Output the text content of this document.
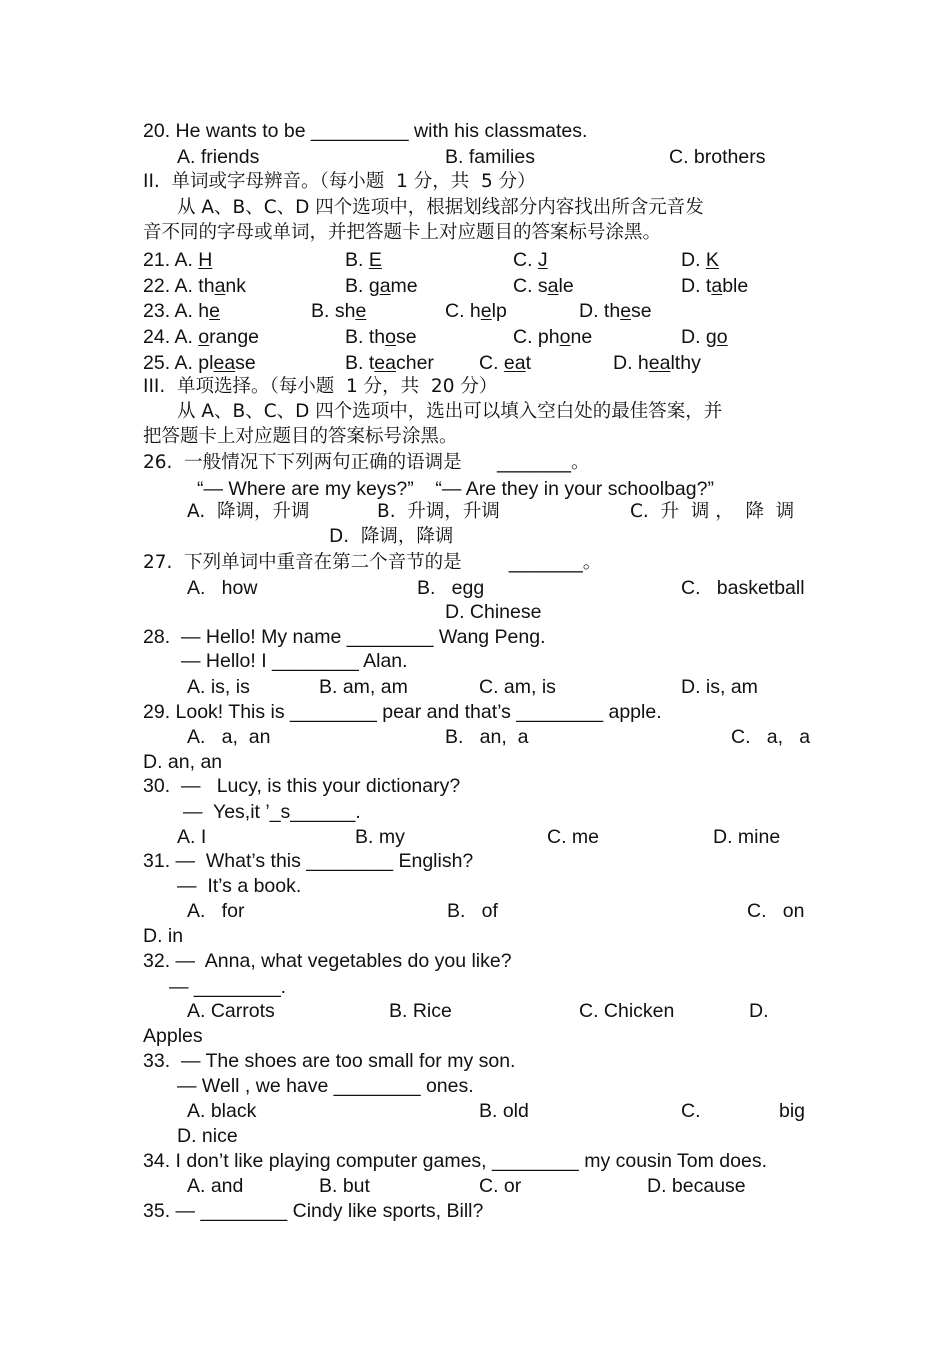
20. He wants to be _________ with his classmates.
A. friends	B. families	C. brothers
II.  单词或字母辨音。（每小题  1 分，共  5 分）
从 A、B、C、D 四个选项中，根据划线部分内容找出所含元音发
音不同的字母或单词，并把答题卡上对应题目的答案标号涂黑。
21. A. H	B. E	C. J	D. K
22. A. thank	B. game	C. sale	D. table
23. A. he	B. she	C. help	D. these
24. A. orange	B. those	C. phone	D. go
25. A. please	B. teacher C. eat	D. healthy
III.  单项选择。（每小题  1 分，共  20 分）
从 A、B、C、D 四个选项中，选出可以填入空白处的最佳答案，并
把答题卡上对应题目的答案标号涂黑。
26.  一般情况下下列两句正确的语调是      ________。
“— Where are my keys?”    “— Are they in your schoolbag?”
A.  降调，升调	B.  升调，升调	C.  升  调 ，  降  调
D.  降调，降调
27.  下列单词中重音在第二个音节的是        ________。
A.   how	B.   egg	C.   basketball
D. Chinese
28.  — Hello! My name ________ Wang Peng.
— Hello! I ________ Alan.
A. is, is	B. am, am	C. am, is	D. is, am
29. Look! This is ________ pear and that’s ________ apple.
A.   a,  an	B.   an,  a	C.   a,   a
D. an, an
30.  —   Lucy, is this your dictionary?
—  Yes,it ’_s______.
A. I	B. my	C. me	D. mine
31. —  What’s this ________ English?
—  It’s a book.
A.   for	B.   of	C.   on
D. in
32. —  Anna, what vegetables do you like?
— ________.
A. Carrots	B. Rice	C. Chicken	D.
Apples
33.  — The shoes are too small for my son.
— Well , we have ________ ones.
A. black	B. old	C.	big
D. nice
34. I don’t like playing computer games, ________ my cousin Tom does.
A. and	B. but	C. or	D. because
35. — ________ Cindy like sports, Bill?
